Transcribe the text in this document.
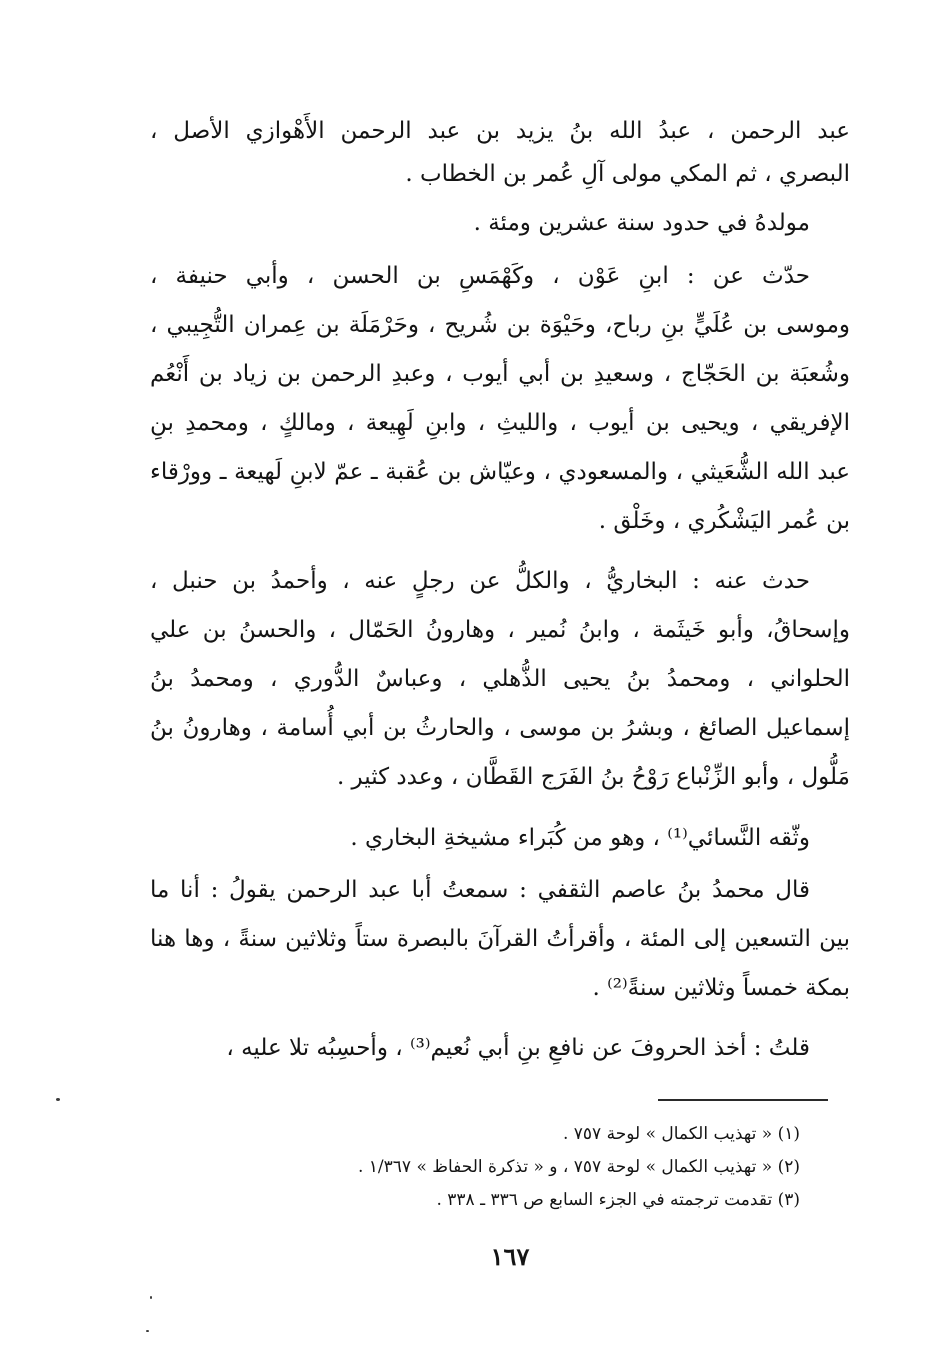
عبد الرحمن ، عبدُ الله بنُ يزيد بن عبد الرحمن الأَهْوازي الأصل ،
البصري ، ثم المكي مولى آلِ عُمر بن الخطاب .
مولدهُ في حدود سنة عشرين ومئة .
حدّث عن : ابنِ عَوْن ، وكَهْمَسِ بن الحسن ، وأبي حنيفة ،
وموسى بن عُلَيٍّ بنِ رباح، وحَيْوَة بن شُريح ، وحَرْمَلَة بن عِمران التُّجِيبي ،
وشُعبَة بن الحَجّاج ، وسعيدِ بن أبي أيوب ، وعبدِ الرحمن بن زياد بن أَنْعُم
الإفريقي ، ويحيى بن أيوب ، والليثِ ، وابنِ لَهِيعة ، ومالكٍ ، ومحمدِ بنِ
عبد الله الشُّعَيثي ، والمسعودي ، وعيّاش بن عُقبة ـ عمّ لابنِ لَهيعة ـ وورْقاء
بن عُمر اليَشْكُري ، وخَلْق .
حدث عنه : البخاريُّ ، والكلُّ عن رجلٍ عنه ، وأحمدُ بن حنبل ،
وإسحاقُ، وأبو خَيثَمة ، وابنُ نُمير ، وهارونُ الحَمّال ، والحسنُ بن علي
الحلواني ، ومحمدُ بنُ يحيى الذُّهلي ، وعباسٌ الدُّوري ، ومحمدُ بنُ
إسماعيل الصائغ ، وبشرُ بن موسى ، والحارثُ بن أبي أُسامة ، وهارونُ بنُ
مَلُّول ، وأبو الزِّنْباع رَوْحُ بنُ الفَرَج القَطَّان ، وعدد كثير .
وثّقه النَّسائي⁽¹⁾ ، وهو من كُبَراء مشيخةِ البخاري .
قال محمدُ بنُ عاصم الثقفي : سمعتُ أبا عبد الرحمن يقولُ : أنا ما
بين التسعين إلى المئة ، وأقرأتُ القرآنَ بالبصرة ستاً وثلاثين سنةً ، وها هنا
بمكة خمساً وثلاثين سنةً⁽²⁾ .
قلتُ : أخذ الحروفَ عن نافعِ بنِ أبي نُعيم⁽³⁾ ، وأحسِبُه تلا عليه ،
(١) « تهذيب الكمال » لوحة ٧٥٧ .
(٢) « تهذيب الكمال » لوحة ٧٥٧ ، و « تذكرة الحفاظ » ١/٣٦٧ .
(٣) تقدمت ترجمته في الجزء السابع ص ٣٣٦ ـ ٣٣٨ .
١٦٧
